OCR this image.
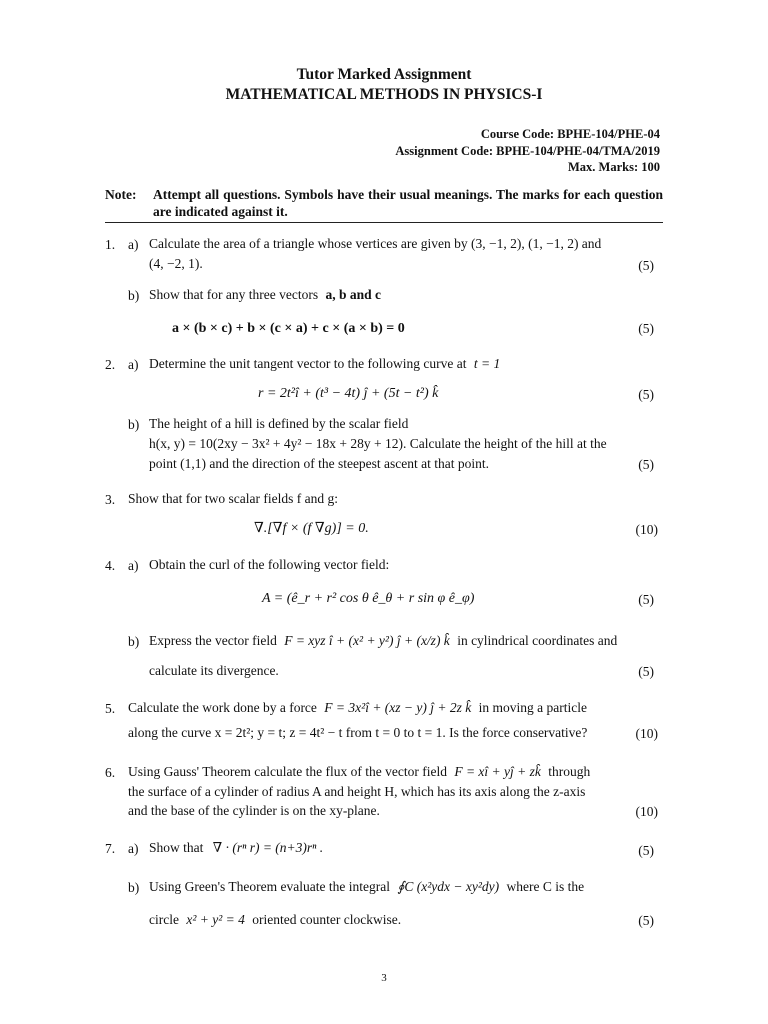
Tutor Marked Assignment
MATHEMATICAL METHODS IN PHYSICS-I
Course Code: BPHE-104/PHE-04
Assignment Code: BPHE-104/PHE-04/TMA/2019
Max. Marks: 100
Note: Attempt all questions. Symbols have their usual meanings. The marks for each question are indicated against it.
1. a) Calculate the area of a triangle whose vertices are given by (3, −1, 2), (1, −1, 2) and
(4, −2, 1).	(5)
b) Show that for any three vectors a, b and c
a × (b × c) + b × (c × a) + c × (a × b) = 0	(5)
2. a) Determine the unit tangent vector to the following curve at t = 1
r = 2t²î + (t³ − 4t) ĵ + (5t − t²) k̂	(5)
b) The height of a hill is defined by the scalar field
h(x, y) = 10(2xy − 3x² + 4y² − 18x + 28y + 12). Calculate the height of the hill at the
point (1,1) and the direction of the steepest ascent at that point.	(5)
3. Show that for two scalar fields f and g:
∇.[∇f × (f ∇g)] = 0.	(10)
4. a) Obtain the curl of the following vector field:
A = (ê_r + r² cos θ ê_θ + r sin φ ê_φ)	(5)
b) Express the vector field F = xyz î + (x² + y²) ĵ + (x/z) k̂ in cylindrical coordinates and
calculate its divergence.	(5)
5. Calculate the work done by a force F = 3x²î + (xz − y) ĵ + 2z k̂ in moving a particle
along the curve x = 2t²; y = t; z = 4t² − t from t = 0 to t = 1. Is the force conservative?	(10)
6. Using Gauss' Theorem calculate the flux of the vector field F = xî + yĵ + zk̂ through
the surface of a cylinder of radius A and height H, which has its axis along the z-axis
and the base of the cylinder is on the xy-plane.	(10)
7. a) Show that ∇ · (rⁿ r) = (n+3)rⁿ .	(5)
b) Using Green's Theorem evaluate the integral ∮C (x²ydx − xy²dy) where C is the
circle x² + y² = 4 oriented counter clockwise.	(5)
3
